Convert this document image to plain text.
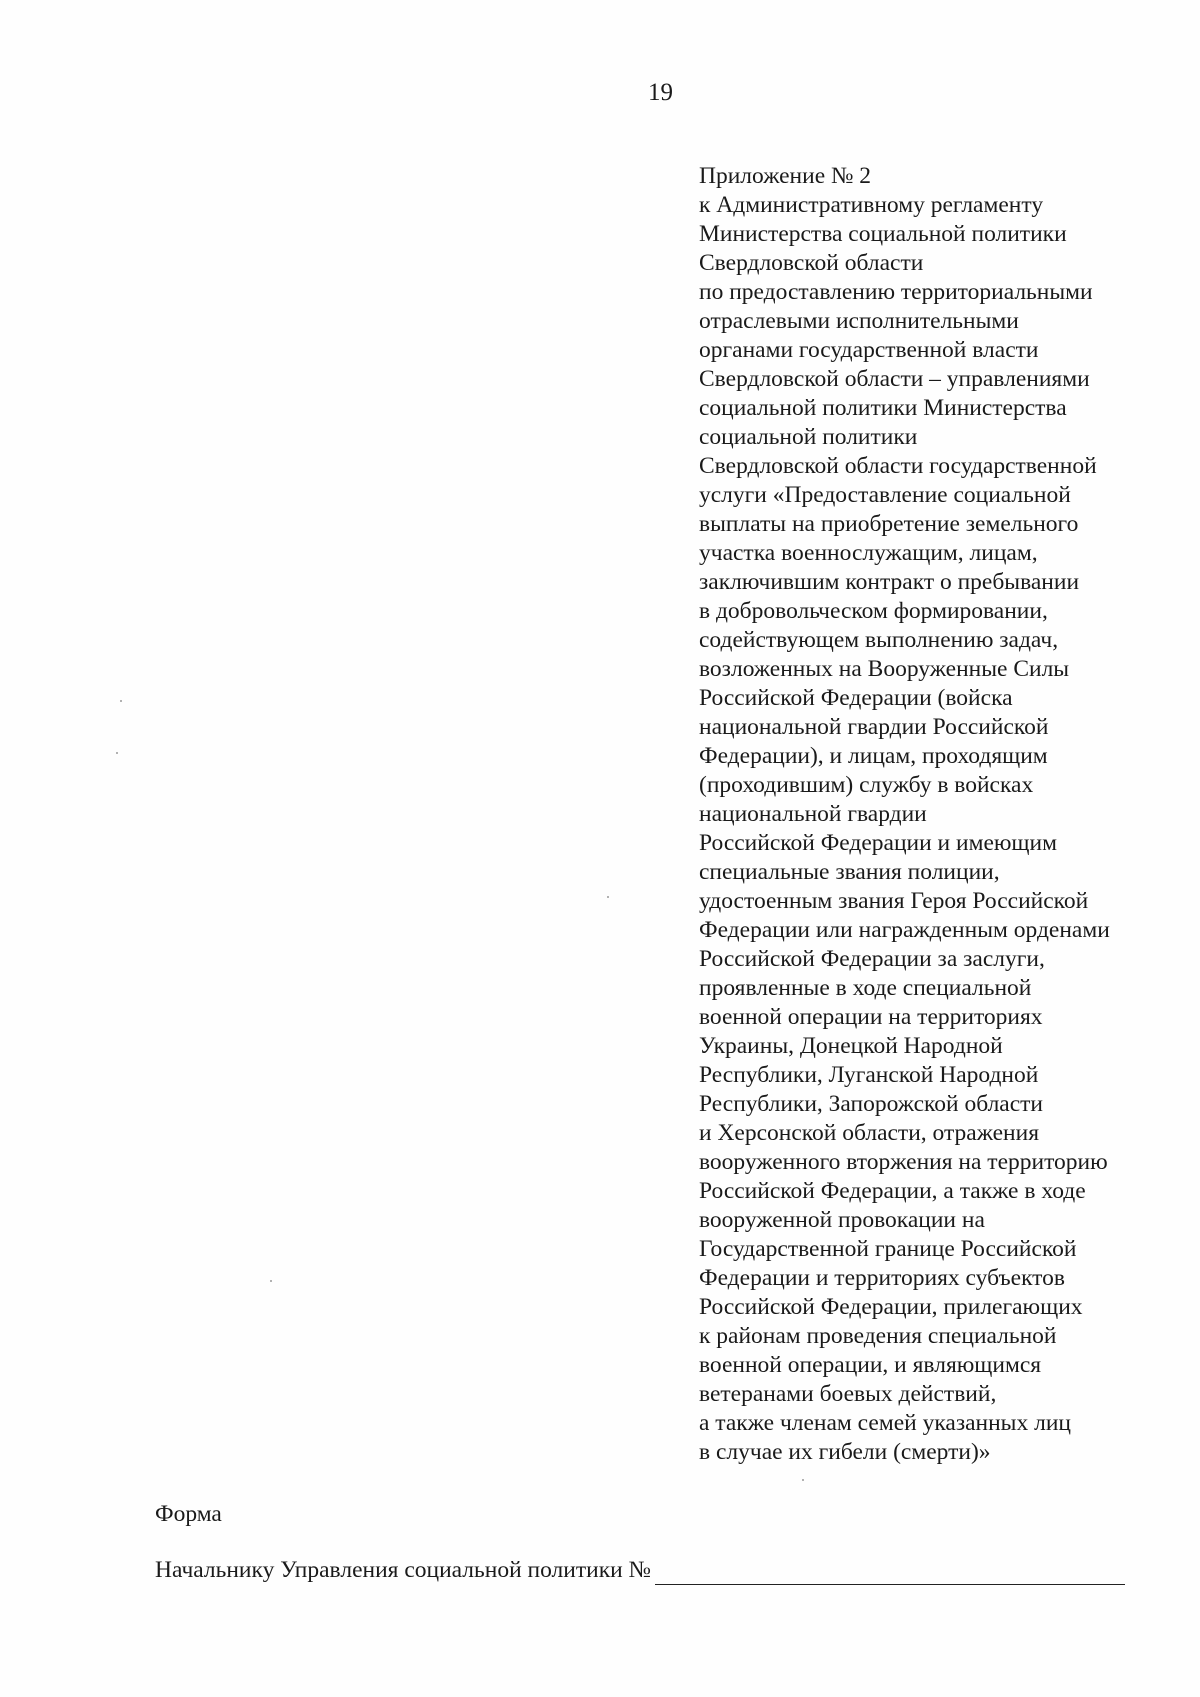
19
Приложение № 2
к Административному регламенту
Министерства социальной политики
Свердловской области
по предоставлению территориальными
отраслевыми исполнительными
органами государственной власти
Свердловской области – управлениями
социальной политики Министерства
социальной политики
Свердловской области государственной
услуги «Предоставление социальной
выплаты на приобретение земельного
участка военнослужащим, лицам,
заключившим контракт о пребывании
в добровольческом формировании,
содействующем выполнению задач,
возложенных на Вооруженные Силы
Российской Федерации (войска
национальной гвардии Российской
Федерации), и лицам, проходящим
(проходившим) службу в войсках
национальной гвардии
Российской Федерации и имеющим
специальные звания полиции,
удостоенным звания Героя Российской
Федерации или награжденным орденами
Российской Федерации за заслуги,
проявленные в ходе специальной
военной операции на территориях
Украины, Донецкой Народной
Республики, Луганской Народной
Республики, Запорожской области
и Херсонской области, отражения
вооруженного вторжения на территорию
Российской Федерации, а также в ходе
вооруженной провокации на
Государственной границе Российской
Федерации и территориях субъектов
Российской Федерации, прилегающих
к районам проведения специальной
военной операции, и являющимся
ветеранами боевых действий,
а также членам семей указанных лиц
в случае их гибели (смерти)»
Форма
Начальнику Управления социальной политики №
